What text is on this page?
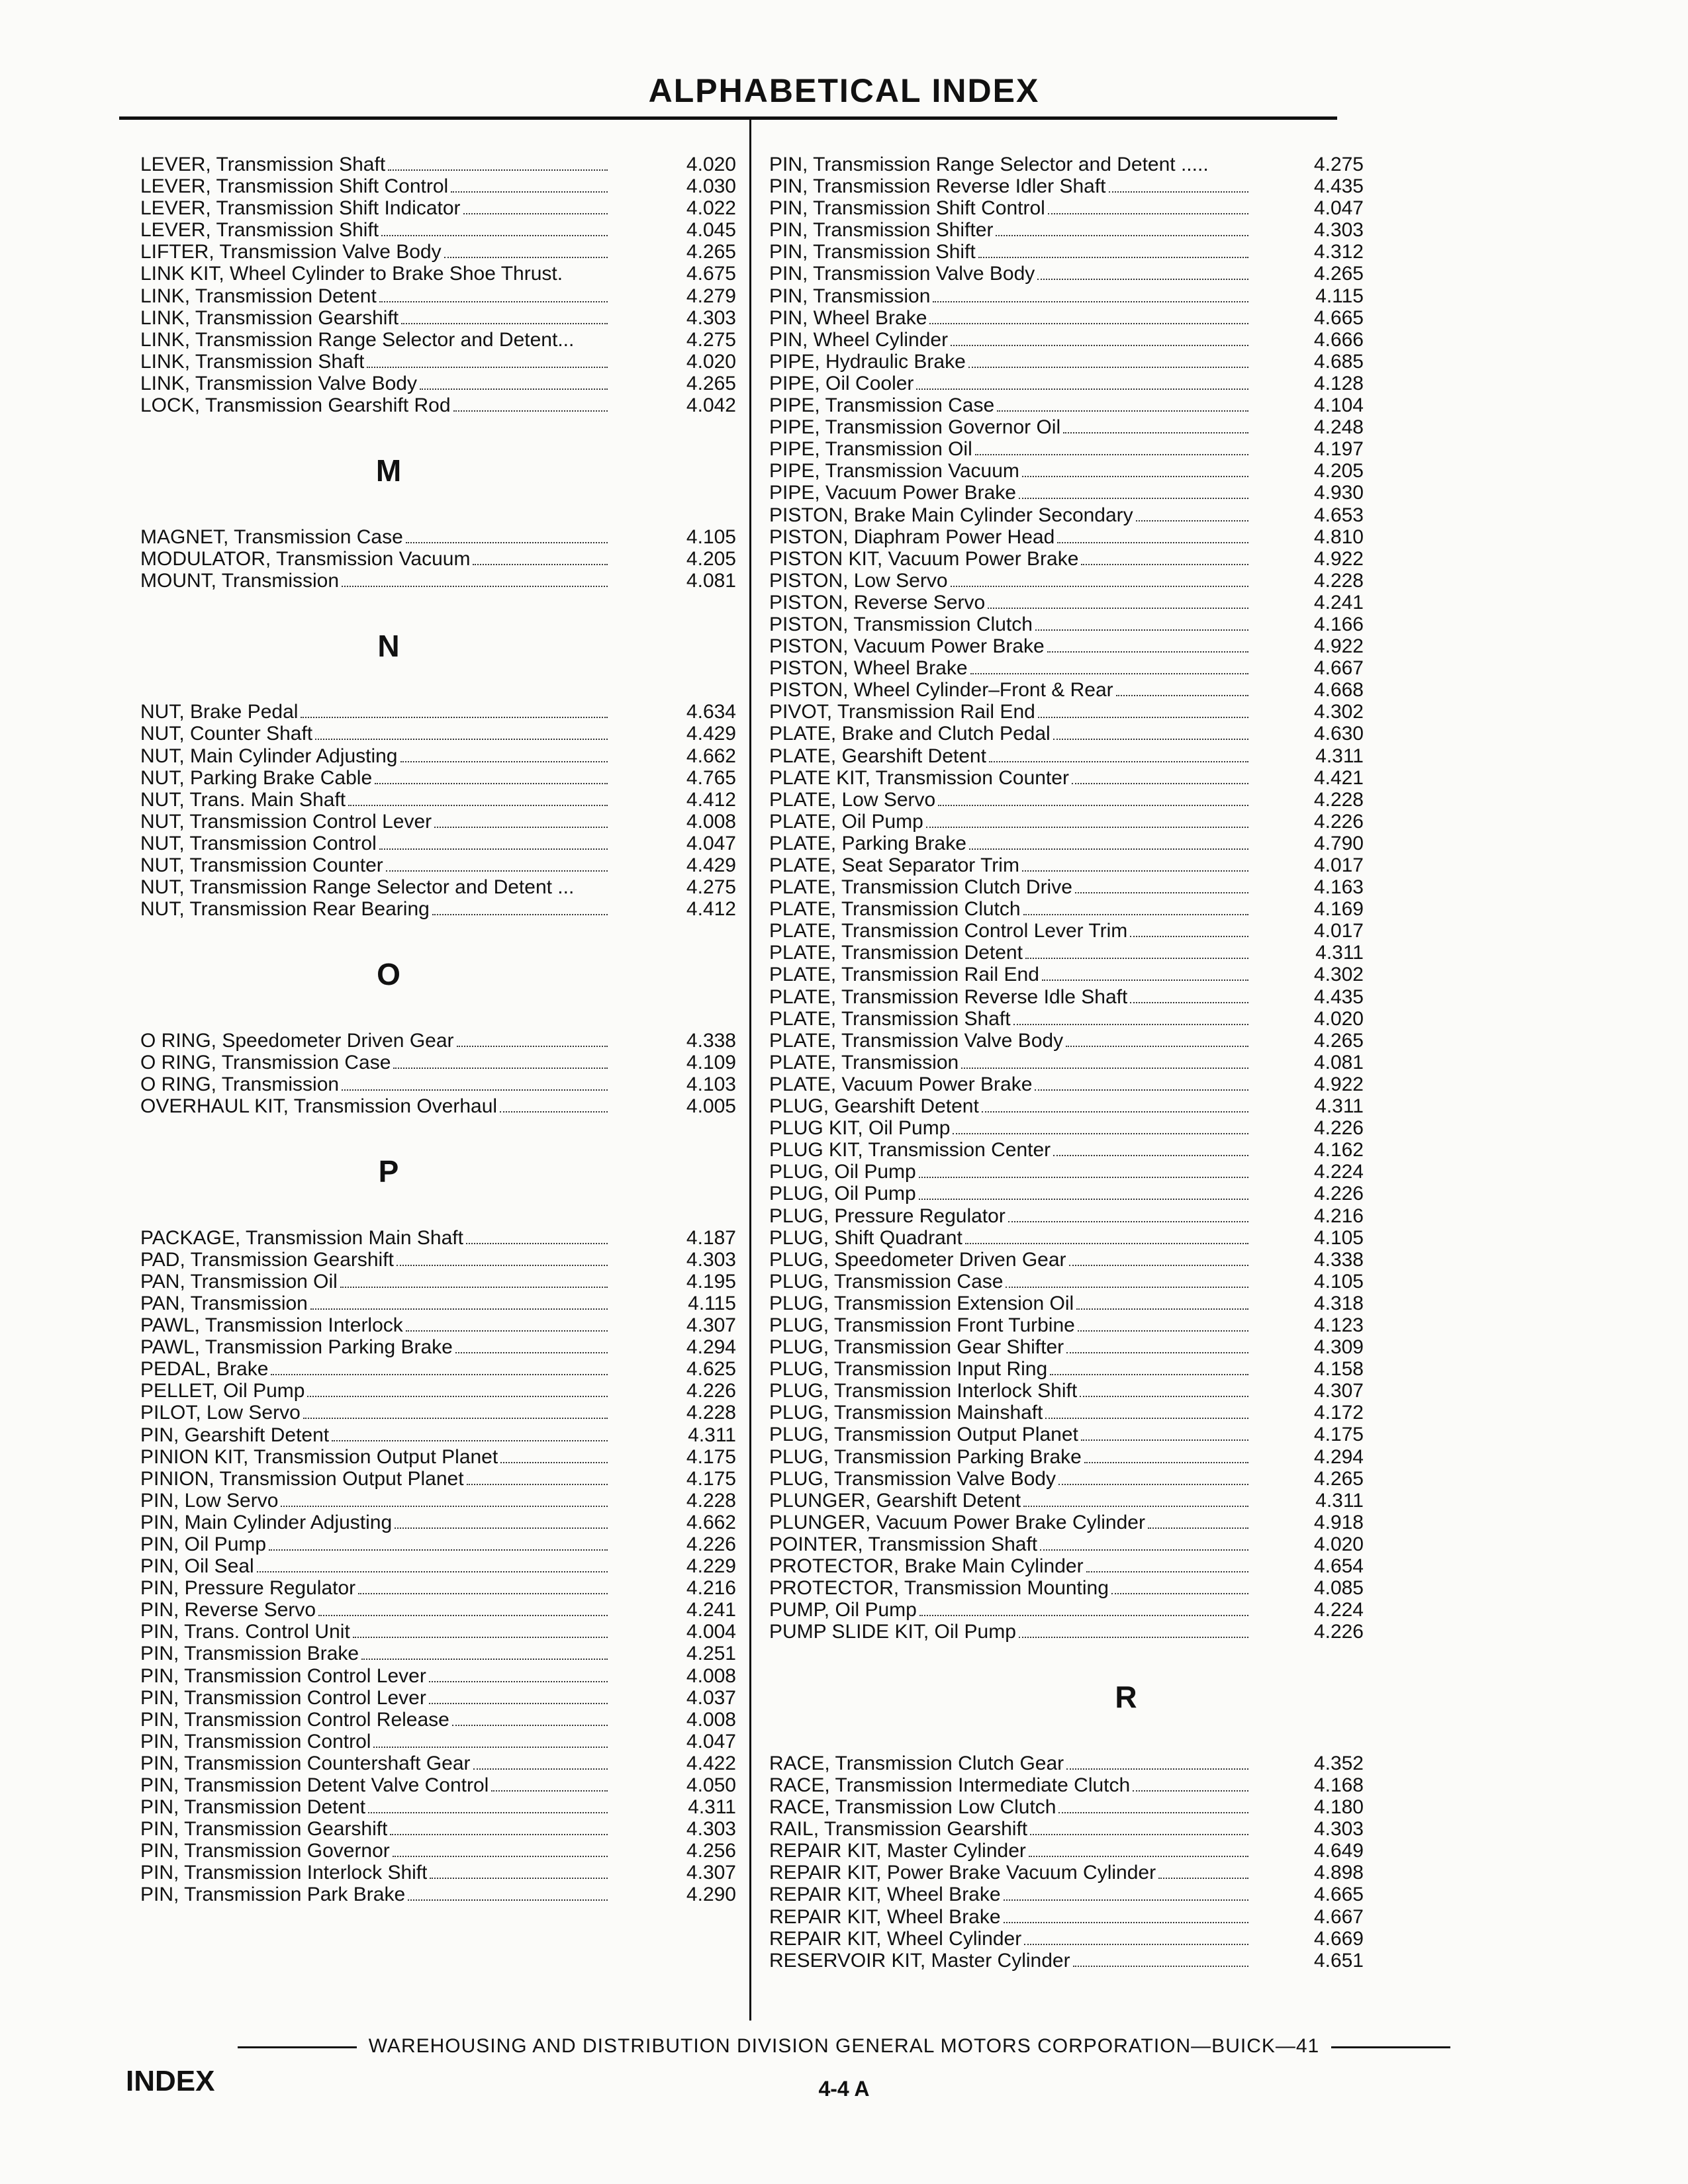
ALPHABETICAL INDEX
LEVER, Transmission Shaft	4.020
LEVER, Transmission Shift Control	4.030
LEVER, Transmission Shift Indicator	4.022
LEVER, Transmission Shift	4.045
LIFTER, Transmission Valve Body	4.265
LINK KIT, Wheel Cylinder to Brake Shoe Thrust.	4.675
LINK, Transmission Detent	4.279
LINK, Transmission Gearshift	4.303
LINK, Transmission Range Selector and Detent...	4.275
LINK, Transmission Shaft	4.020
LINK, Transmission Valve Body	4.265
LOCK, Transmission Gearshift Rod	4.042
M
MAGNET, Transmission Case	4.105
MODULATOR, Transmission Vacuum	4.205
MOUNT, Transmission	4.081
N
NUT, Brake Pedal	4.634
NUT, Counter Shaft	4.429
NUT, Main Cylinder Adjusting	4.662
NUT, Parking Brake Cable	4.765
NUT, Trans. Main Shaft	4.412
NUT, Transmission Control Lever	4.008
NUT, Transmission Control	4.047
NUT, Transmission Counter	4.429
NUT, Transmission Range Selector and Detent ...	4.275
NUT, Transmission Rear Bearing	4.412
O
O RING, Speedometer Driven Gear	4.338
O RING, Transmission Case	4.109
O RING, Transmission	4.103
OVERHAUL KIT, Transmission Overhaul	4.005
P
PACKAGE, Transmission Main Shaft	4.187
PAD, Transmission Gearshift	4.303
PAN, Transmission Oil	4.195
PAN, Transmission	4.115
PAWL, Transmission Interlock	4.307
PAWL, Transmission Parking Brake	4.294
PEDAL, Brake	4.625
PELLET, Oil Pump	4.226
PILOT, Low Servo	4.228
PIN, Gearshift Detent	4.311
PINION KIT, Transmission Output Planet	4.175
PINION, Transmission Output Planet	4.175
PIN, Low Servo	4.228
PIN, Main Cylinder Adjusting	4.662
PIN, Oil Pump	4.226
PIN, Oil Seal	4.229
PIN, Pressure Regulator	4.216
PIN, Reverse Servo	4.241
PIN, Trans. Control Unit	4.004
PIN, Transmission Brake	4.251
PIN, Transmission Control Lever	4.008
PIN, Transmission Control Lever	4.037
PIN, Transmission Control Release	4.008
PIN, Transmission Control	4.047
PIN, Transmission Countershaft Gear	4.422
PIN, Transmission Detent Valve Control	4.050
PIN, Transmission Detent	4.311
PIN, Transmission Gearshift	4.303
PIN, Transmission Governor	4.256
PIN, Transmission Interlock Shift	4.307
PIN, Transmission Park Brake	4.290
PIN, Transmission Range Selector and Detent .....	4.275
PIN, Transmission Reverse Idler Shaft	4.435
PIN, Transmission Shift Control	4.047
PIN, Transmission Shifter	4.303
PIN, Transmission Shift	4.312
PIN, Transmission Valve Body	4.265
PIN, Transmission	4.115
PIN, Wheel Brake	4.665
PIN, Wheel Cylinder	4.666
PIPE, Hydraulic Brake	4.685
PIPE, Oil Cooler	4.128
PIPE, Transmission Case	4.104
PIPE, Transmission Governor Oil	4.248
PIPE, Transmission Oil	4.197
PIPE, Transmission Vacuum	4.205
PIPE, Vacuum Power Brake	4.930
PISTON, Brake Main Cylinder Secondary	4.653
PISTON, Diaphram Power Head	4.810
PISTON KIT, Vacuum Power Brake	4.922
PISTON, Low Servo	4.228
PISTON, Reverse Servo	4.241
PISTON, Transmission Clutch	4.166
PISTON, Vacuum Power Brake	4.922
PISTON, Wheel Brake	4.667
PISTON, Wheel Cylinder–Front & Rear	4.668
PIVOT, Transmission Rail End	4.302
PLATE, Brake and Clutch Pedal	4.630
PLATE, Gearshift Detent	4.311
PLATE KIT, Transmission Counter	4.421
PLATE, Low Servo	4.228
PLATE, Oil Pump	4.226
PLATE, Parking Brake	4.790
PLATE, Seat Separator Trim	4.017
PLATE, Transmission Clutch Drive	4.163
PLATE, Transmission Clutch	4.169
PLATE, Transmission Control Lever Trim	4.017
PLATE, Transmission Detent	4.311
PLATE, Transmission Rail End	4.302
PLATE, Transmission Reverse Idle Shaft	4.435
PLATE, Transmission Shaft	4.020
PLATE, Transmission Valve Body	4.265
PLATE, Transmission	4.081
PLATE, Vacuum Power Brake	4.922
PLUG, Gearshift Detent	4.311
PLUG KIT, Oil Pump	4.226
PLUG KIT, Transmission Center	4.162
PLUG, Oil Pump	4.224
PLUG, Oil Pump	4.226
PLUG, Pressure Regulator	4.216
PLUG, Shift Quadrant	4.105
PLUG, Speedometer Driven Gear	4.338
PLUG, Transmission Case	4.105
PLUG, Transmission Extension Oil	4.318
PLUG, Transmission Front Turbine	4.123
PLUG, Transmission Gear Shifter	4.309
PLUG, Transmission Input Ring	4.158
PLUG, Transmission Interlock Shift	4.307
PLUG, Transmission Mainshaft	4.172
PLUG, Transmission Output Planet	4.175
PLUG, Transmission Parking Brake	4.294
PLUG, Transmission Valve Body	4.265
PLUNGER, Gearshift Detent	4.311
PLUNGER, Vacuum Power Brake Cylinder	4.918
POINTER, Transmission Shaft	4.020
PROTECTOR, Brake Main Cylinder	4.654
PROTECTOR, Transmission Mounting	4.085
PUMP, Oil Pump	4.224
PUMP SLIDE KIT, Oil Pump	4.226
R
RACE, Transmission Clutch Gear	4.352
RACE, Transmission Intermediate Clutch	4.168
RACE, Transmission Low Clutch	4.180
RAIL, Transmission Gearshift	4.303
REPAIR KIT, Master Cylinder	4.649
REPAIR KIT, Power Brake Vacuum Cylinder	4.898
REPAIR KIT, Wheel Brake	4.665
REPAIR KIT, Wheel Brake	4.667
REPAIR KIT, Wheel Cylinder	4.669
RESERVOIR KIT, Master Cylinder	4.651
WAREHOUSING AND DISTRIBUTION DIVISION GENERAL MOTORS CORPORATION—BUICK—41
INDEX	4-4 A
